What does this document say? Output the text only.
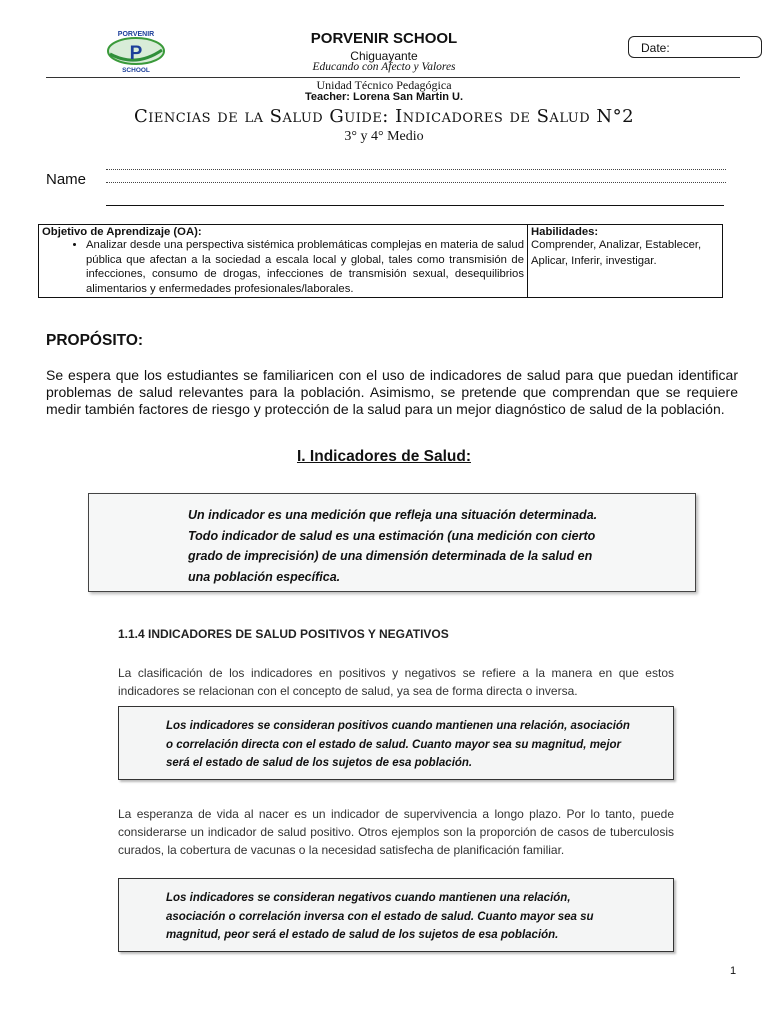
PORVENIR
P
SCHOOL
PORVENIR SCHOOL
Chiguayante
Educando con Afecto y Valores
Unidad Técnico Pedagógica
Teacher: Lorena San Martin U.
Date:
Ciencias de la Salud Guide: Indicadores de Salud N°2
3° y 4° Medio
Name
Objetivo de Aprendizaje (OA):
• Analizar desde una perspectiva sistémica problemáticas complejas en materia de salud pública que afectan a la sociedad a escala local y global, tales como transmisión de infecciones, consumo de drogas, infecciones de transmisión sexual, desequilibrios alimentarios y enfermedades profesionales/laborales.

Habilidades:
Comprender, Analizar, Establecer, Aplicar, Inferir, investigar.
PROPÓSITO:
Se espera que los estudiantes se familiaricen con el uso de indicadores de salud para que puedan identificar problemas de salud relevantes para la población. Asimismo, se pretende que comprendan que se requiere medir también factores de riesgo y protección de la salud para un mejor diagnóstico de salud de la población.
I. Indicadores de Salud:
Un indicador es una medición que refleja una situación determinada. Todo indicador de salud es una estimación (una medición con cierto grado de imprecisión) de una dimensión determinada de la salud en una población específica.
1.1.4 INDICADORES DE SALUD POSITIVOS Y NEGATIVOS
La clasificación de los indicadores en positivos y negativos se refiere a la manera en que estos indicadores se relacionan con el concepto de salud, ya sea de forma directa o inversa.
Los indicadores se consideran positivos cuando mantienen una relación, asociación o correlación directa con el estado de salud. Cuanto mayor sea su magnitud, mejor será el estado de salud de los sujetos de esa población.
La esperanza de vida al nacer es un indicador de supervivencia a longo plazo. Por lo tanto, puede considerarse un indicador de salud positivo. Otros ejemplos son la proporción de casos de tuberculosis curados, la cobertura de vacunas o la necesidad satisfecha de planificación familiar.
Los indicadores se consideran negativos cuando mantienen una relación, asociación o correlación inversa con el estado de salud. Cuanto mayor sea su magnitud, peor será el estado de salud de los sujetos de esa población.
1
